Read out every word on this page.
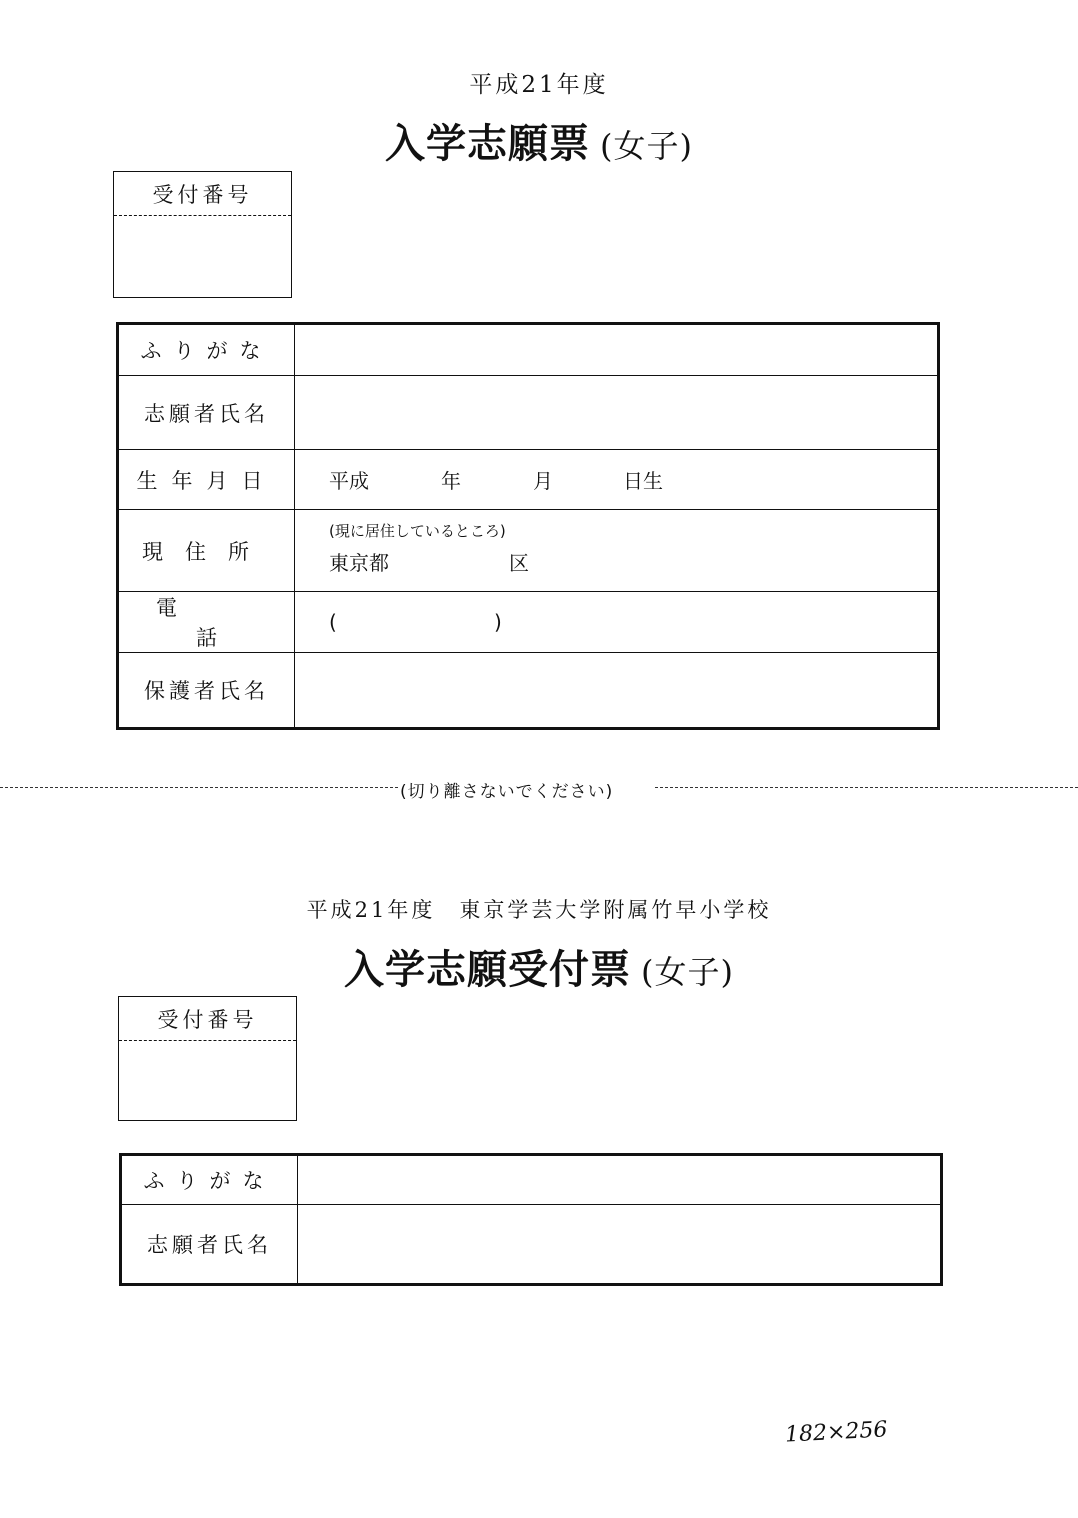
平成21年度
入学志願票 (女子)
受付番号
ふりがな	
志願者氏名	
生年月日	平成 年 月 日生
現住所	(現に居住しているところ)
東京都 区
電話	( )
保護者氏名	
(切り離さないでください)
平成21年度　東京学芸大学附属竹早小学校
入学志願受付票 (女子)
受付番号
ふりがな	
志願者氏名	
182×256
